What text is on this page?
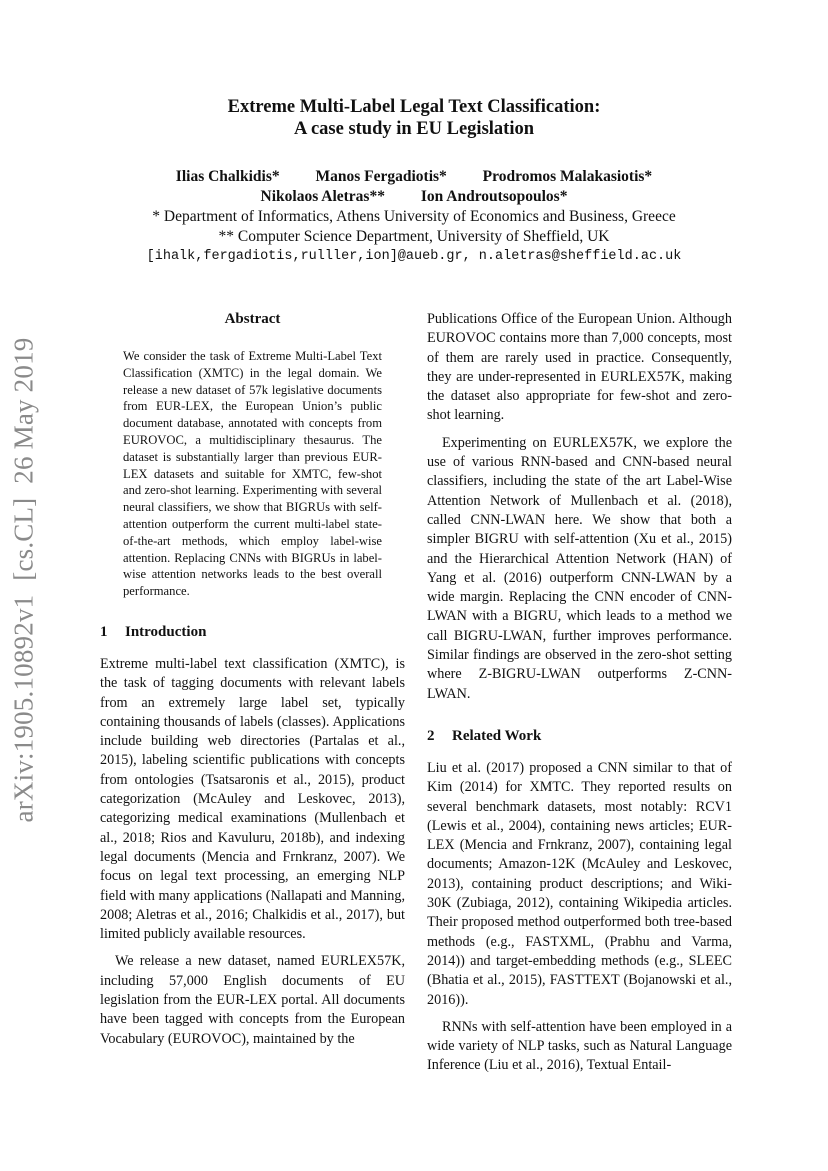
Extreme Multi-Label Legal Text Classification:
A case study in EU Legislation
Ilias Chalkidis* Manos Fergadiotis* Prodromos Malakasiotis*
Nikolaos Aletras** Ion Androutsopoulos*
* Department of Informatics, Athens University of Economics and Business, Greece
** Computer Science Department, University of Sheffield, UK
[ihalk,fergadiotis,rulller,ion]@aueb.gr, n.aletras@sheffield.ac.uk
arXiv:1905.10892v1  [cs.CL]  26 May 2019
Abstract
We consider the task of Extreme Multi-Label Text Classification (XMTC) in the legal domain. We release a new dataset of 57k legislative documents from EUR-LEX, the European Union’s public document database, annotated with concepts from EUROVOC, a multidisciplinary thesaurus. The dataset is substantially larger than previous EUR-LEX datasets and suitable for XMTC, few-shot and zero-shot learning. Experimenting with several neural classifiers, we show that BIGRUs with self-attention outperform the current multi-label state-of-the-art methods, which employ label-wise attention. Replacing CNNs with BIGRUs in label-wise attention networks leads to the best overall performance.
1 Introduction

Extreme multi-label text classification (XMTC), is the task of tagging documents with relevant labels from an extremely large label set, typically containing thousands of labels (classes). Applications include building web directories (Partalas et al., 2015), labeling scientific publications with concepts from ontologies (Tsatsaronis et al., 2015), product categorization (McAuley and Leskovec, 2013), categorizing medical examinations (Mullenbach et al., 2018; Rios and Kavuluru, 2018b), and indexing legal documents (Mencia and Frnkranz, 2007). We focus on legal text processing, an emerging NLP field with many applications (Nallapati and Manning, 2008; Aletras et al., 2016; Chalkidis et al., 2017), but limited publicly available resources.

We release a new dataset, named EURLEX57K, including 57,000 English documents of EU legislation from the EUR-LEX portal. All documents have been tagged with concepts from the European Vocabulary (EUROVOC), maintained by the

Publications Office of the European Union. Although EUROVOC contains more than 7,000 concepts, most of them are rarely used in practice. Consequently, they are under-represented in EURLEX57K, making the dataset also appropriate for few-shot and zero-shot learning.

Experimenting on EURLEX57K, we explore the use of various RNN-based and CNN-based neural classifiers, including the state of the art Label-Wise Attention Network of Mullenbach et al. (2018), called CNN-LWAN here. We show that both a simpler BIGRU with self-attention (Xu et al., 2015) and the Hierarchical Attention Network (HAN) of Yang et al. (2016) outperform CNN-LWAN by a wide margin. Replacing the CNN encoder of CNN-LWAN with a BIGRU, which leads to a method we call BIGRU-LWAN, further improves performance. Similar findings are observed in the zero-shot setting where Z-BIGRU-LWAN outperforms Z-CNN-LWAN.

2 Related Work

Liu et al. (2017) proposed a CNN similar to that of Kim (2014) for XMTC. They reported results on several benchmark datasets, most notably: RCV1 (Lewis et al., 2004), containing news articles; EUR-LEX (Mencia and Frnkranz, 2007), containing legal documents; Amazon-12K (McAuley and Leskovec, 2013), containing product descriptions; and Wiki-30K (Zubiaga, 2012), containing Wikipedia articles. Their proposed method outperformed both tree-based methods (e.g., FASTXML, (Prabhu and Varma, 2014)) and target-embedding methods (e.g., SLEEC (Bhatia et al., 2015), FASTTEXT (Bojanowski et al., 2016)).

RNNs with self-attention have been employed in a wide variety of NLP tasks, such as Natural Language Inference (Liu et al., 2016), Textual Entail-
